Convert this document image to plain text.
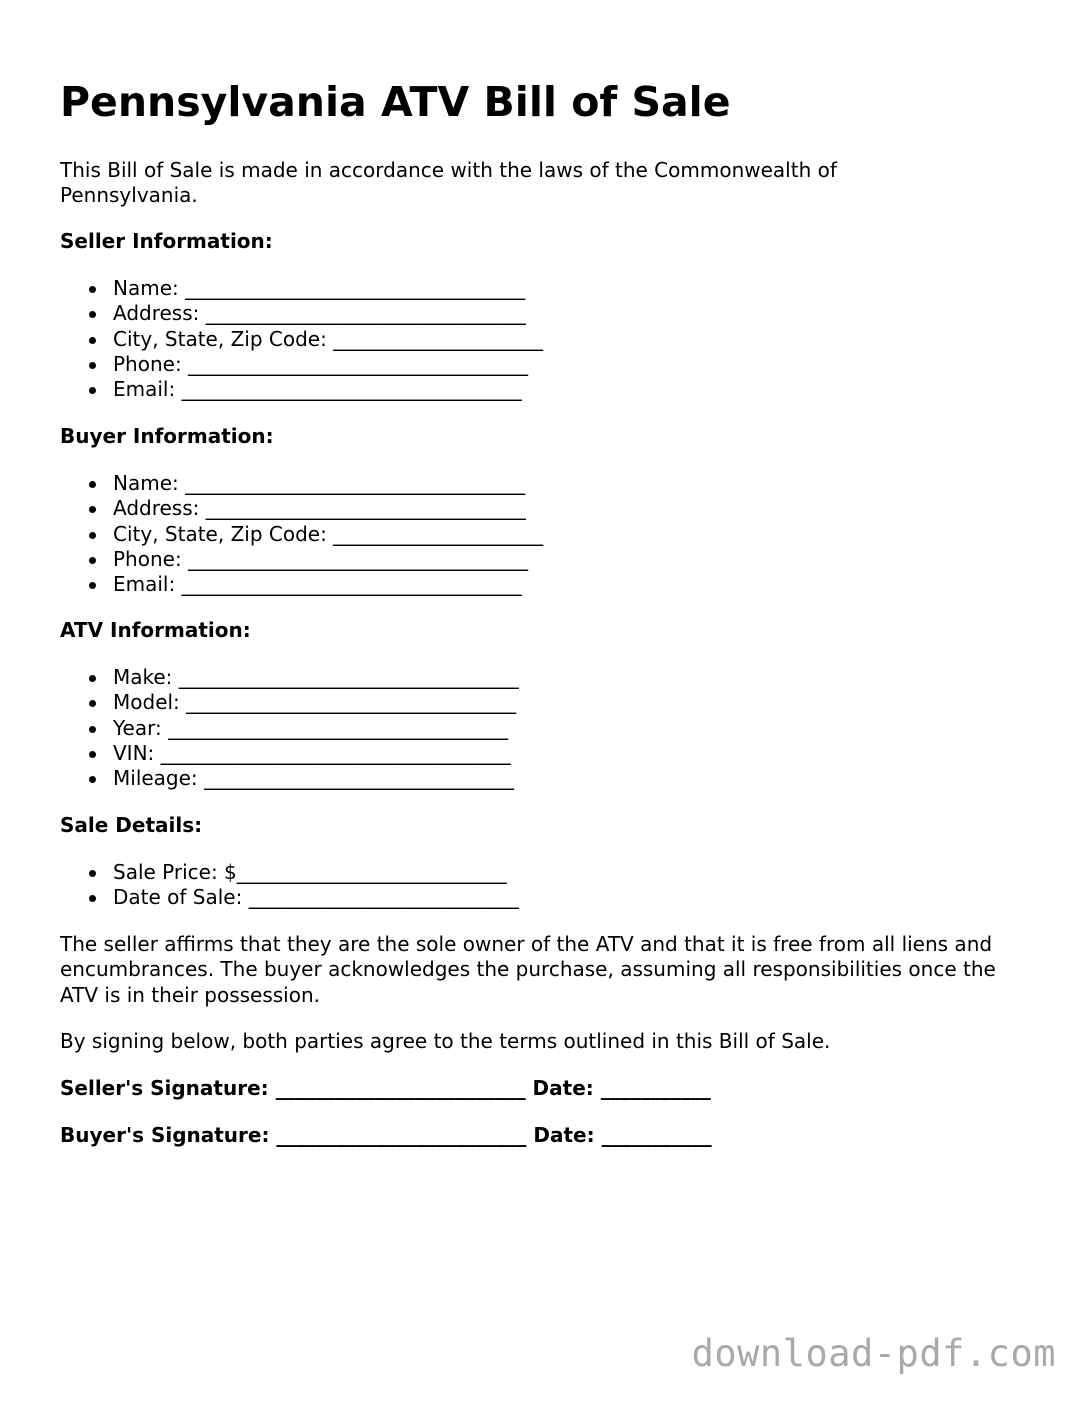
Pennsylvania ATV Bill of Sale

This Bill of Sale is made in accordance with the laws of the Commonwealth of Pennsylvania.

Seller Information:

Name: __________________________________
Address: ________________________________
City, State, Zip Code: _____________________
Phone: __________________________________
Email: __________________________________

Buyer Information:

Name: __________________________________
Address: ________________________________
City, State, Zip Code: _____________________
Phone: __________________________________
Email: __________________________________

ATV Information:

Make: __________________________________
Model: _________________________________
Year: __________________________________
VIN: ___________________________________
Mileage: _______________________________

Sale Details:

Sale Price: $___________________________
Date of Sale: ___________________________

The seller affirms that they are the sole owner of the ATV and that it is free from all liens and encumbrances. The buyer acknowledges the purchase, assuming all responsibilities once the ATV is in their possession.

By signing below, both parties agree to the terms outlined in this Bill of Sale.

Seller's Signature: _________________________ Date: ___________

Buyer's Signature: _________________________ Date: ___________

download-pdf.com
